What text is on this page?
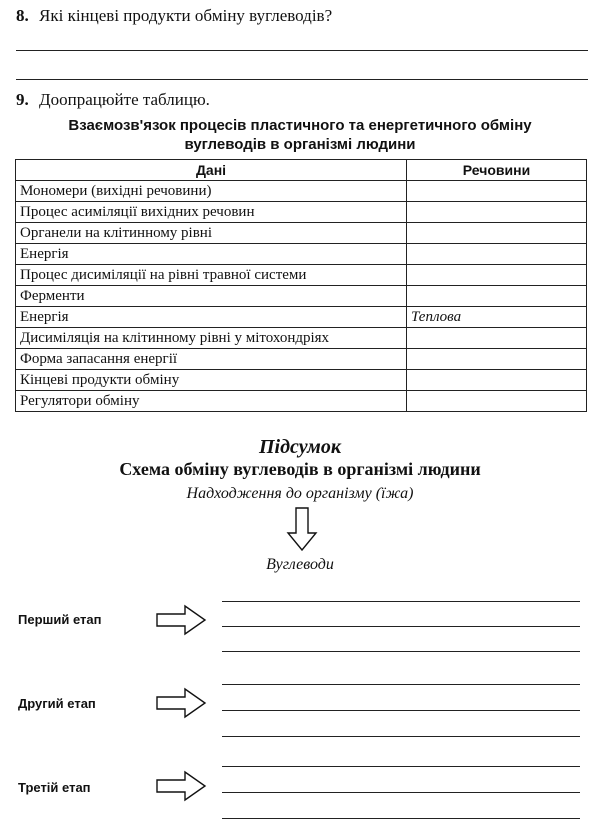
8. Які кінцеві продукти обміну вуглеводів?
9. Доопрацюйте таблицю.
Взаємозв'язок процесів пластичного та енергетичного обміну
вуглеводів в організмі людини
Дані	Речовини
Мономери (вихідні речовини)	
Процес асиміляції вихідних речовин	
Органели на клітинному рівні	
Енергія	
Процес дисиміляції на рівні травної системи	
Ферменти	
Енергія	Теплова
Дисиміляція на клітинному рівні у мітохондріях	
Форма запасання енергії	
Кінцеві продукти обміну	
Регулятори обміну	
Підсумок
Схема обміну вуглеводів в організмі людини
Надходження до організму (їжа)
Вуглеводи
Перший етап
Другий етап
Третій етап
